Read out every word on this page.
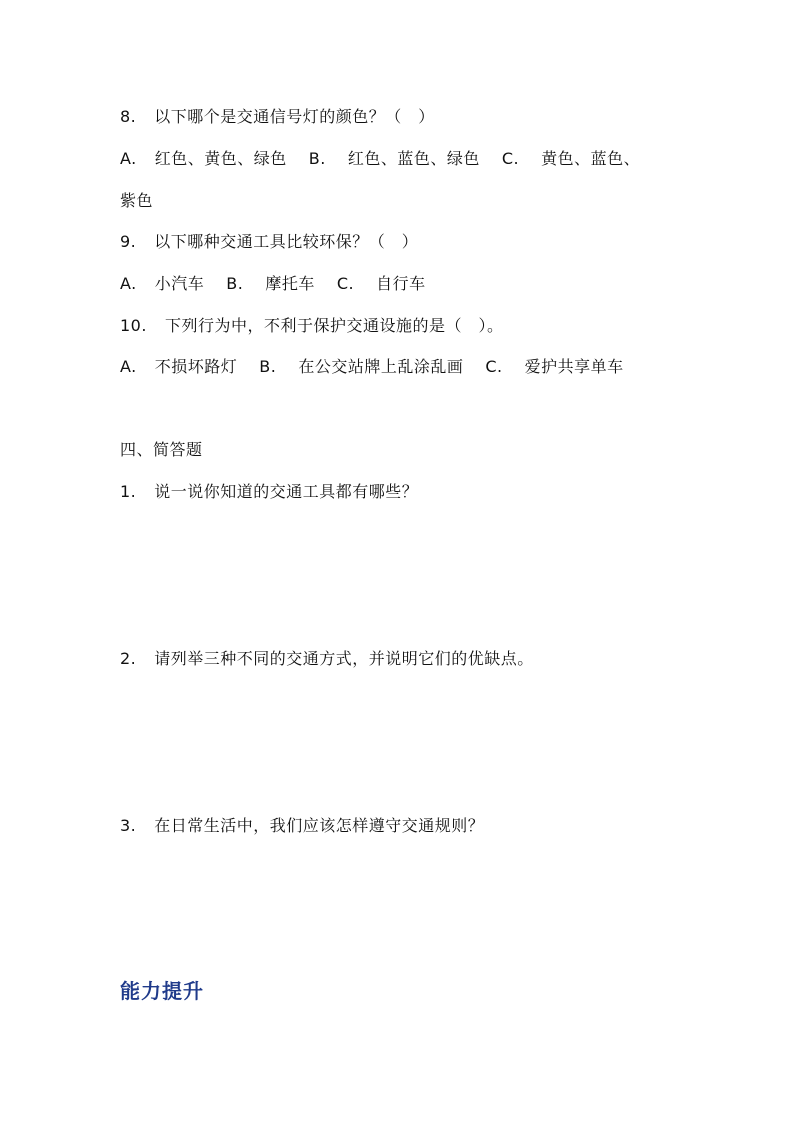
8. 以下哪个是交通信号灯的颜色？（　）
A. 红色、黄色、绿色 B. 红色、蓝色、绿色 C. 黄色、蓝色、
紫色
9. 以下哪种交通工具比较环保？（　）
A. 小汽车 B. 摩托车 C. 自行车
10. 下列行为中，不利于保护交通设施的是（　）。
A. 不损坏路灯 B. 在公交站牌上乱涂乱画 C. 爱护共享单车
四、简答题
1. 说一说你知道的交通工具都有哪些？
2. 请列举三种不同的交通方式，并说明它们的优缺点。
3. 在日常生活中，我们应该怎样遵守交通规则？
能力提升
